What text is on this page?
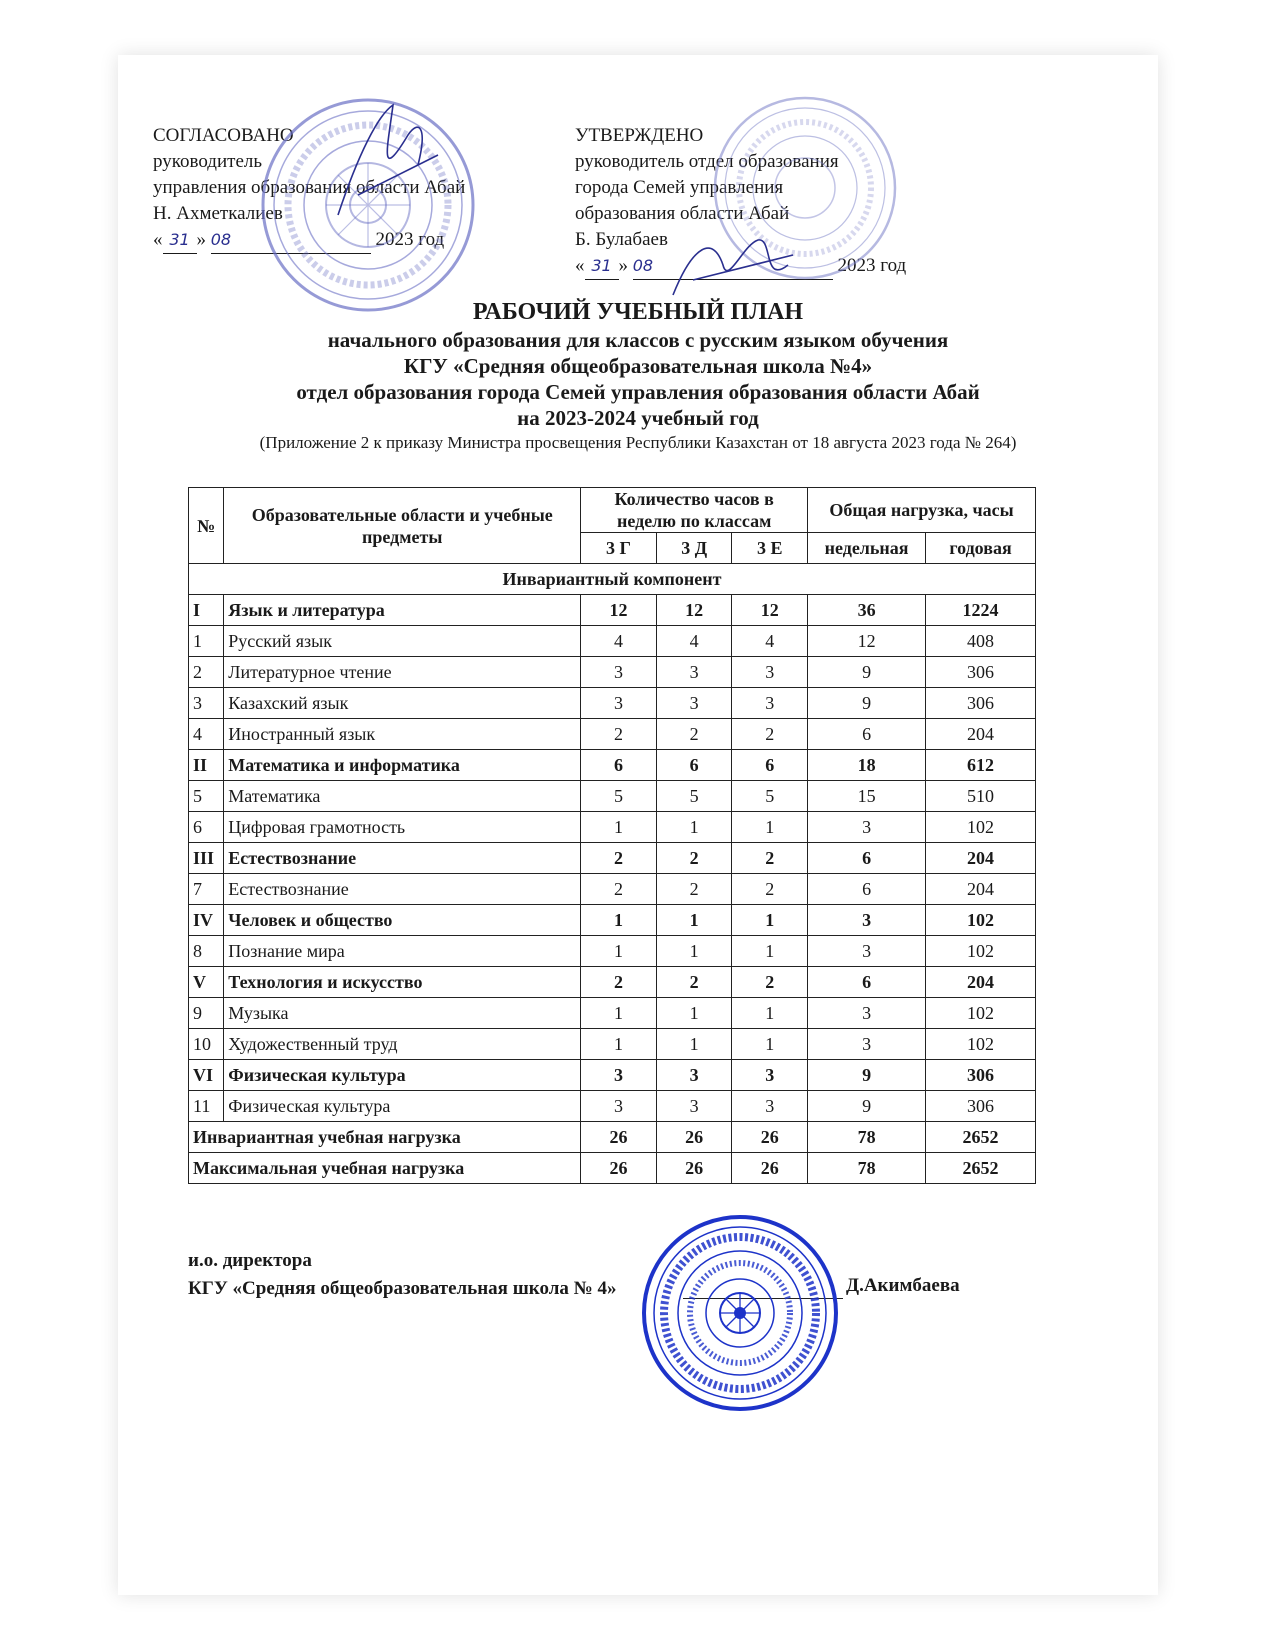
СОГЛАСОВАНО
руководитель
управления образования области Абай
Н. Ахметкалиев
« 31 » 08	2023 год
УТВЕРЖДЕНО
руководитель отдел образования
города Семей управления
образования области Абай
Б. Булабаев
« 31 » 08	2023 год
РАБОЧИЙ УЧЕБНЫЙ ПЛАН
начального образования для классов с русским языком обучения
КГУ «Средняя общеобразовательная школа №4»
отдел образования города Семей управления образования области Абай
на 2023-2024 учебный год
(Приложение 2 к приказу Министра просвещения Республики Казахстан от 18 августа 2023 года № 264)
№	Образовательные области и учебные предметы	Количество часов в неделю по классам			Общая нагрузка, часы	
		3 Г	3 Д	3 Е	недельная	годовая
Инвариантный компонент						
I	Язык и литература	12	12	12	36	1224
1	Русский язык	4	4	4	12	408
2	Литературное чтение	3	3	3	9	306
3	Казахский язык	3	3	3	9	306
4	Иностранный язык	2	2	2	6	204
II	Математика и информатика	6	6	6	18	612
5	Математика	5	5	5	15	510
6	Цифровая грамотность	1	1	1	3	102
III	Естествознание	2	2	2	6	204
7	Естествознание	2	2	2	6	204
IV	Человек и общество	1	1	1	3	102
8	Познание мира	1	1	1	3	102
V	Технология и искусство	2	2	2	6	204
9	Музыка	1	1	1	3	102
10	Художественный труд	1	1	1	3	102
VI	Физическая культура	3	3	3	9	306
11	Физическая культура	3	3	3	9	306
Инвариантная учебная нагрузка		26	26	26	78	2652
Максимальная учебная нагрузка		26	26	26	78	2652
и.о. директора
КГУ «Средняя общеобразовательная школа № 4»	Д.Акимбаева
